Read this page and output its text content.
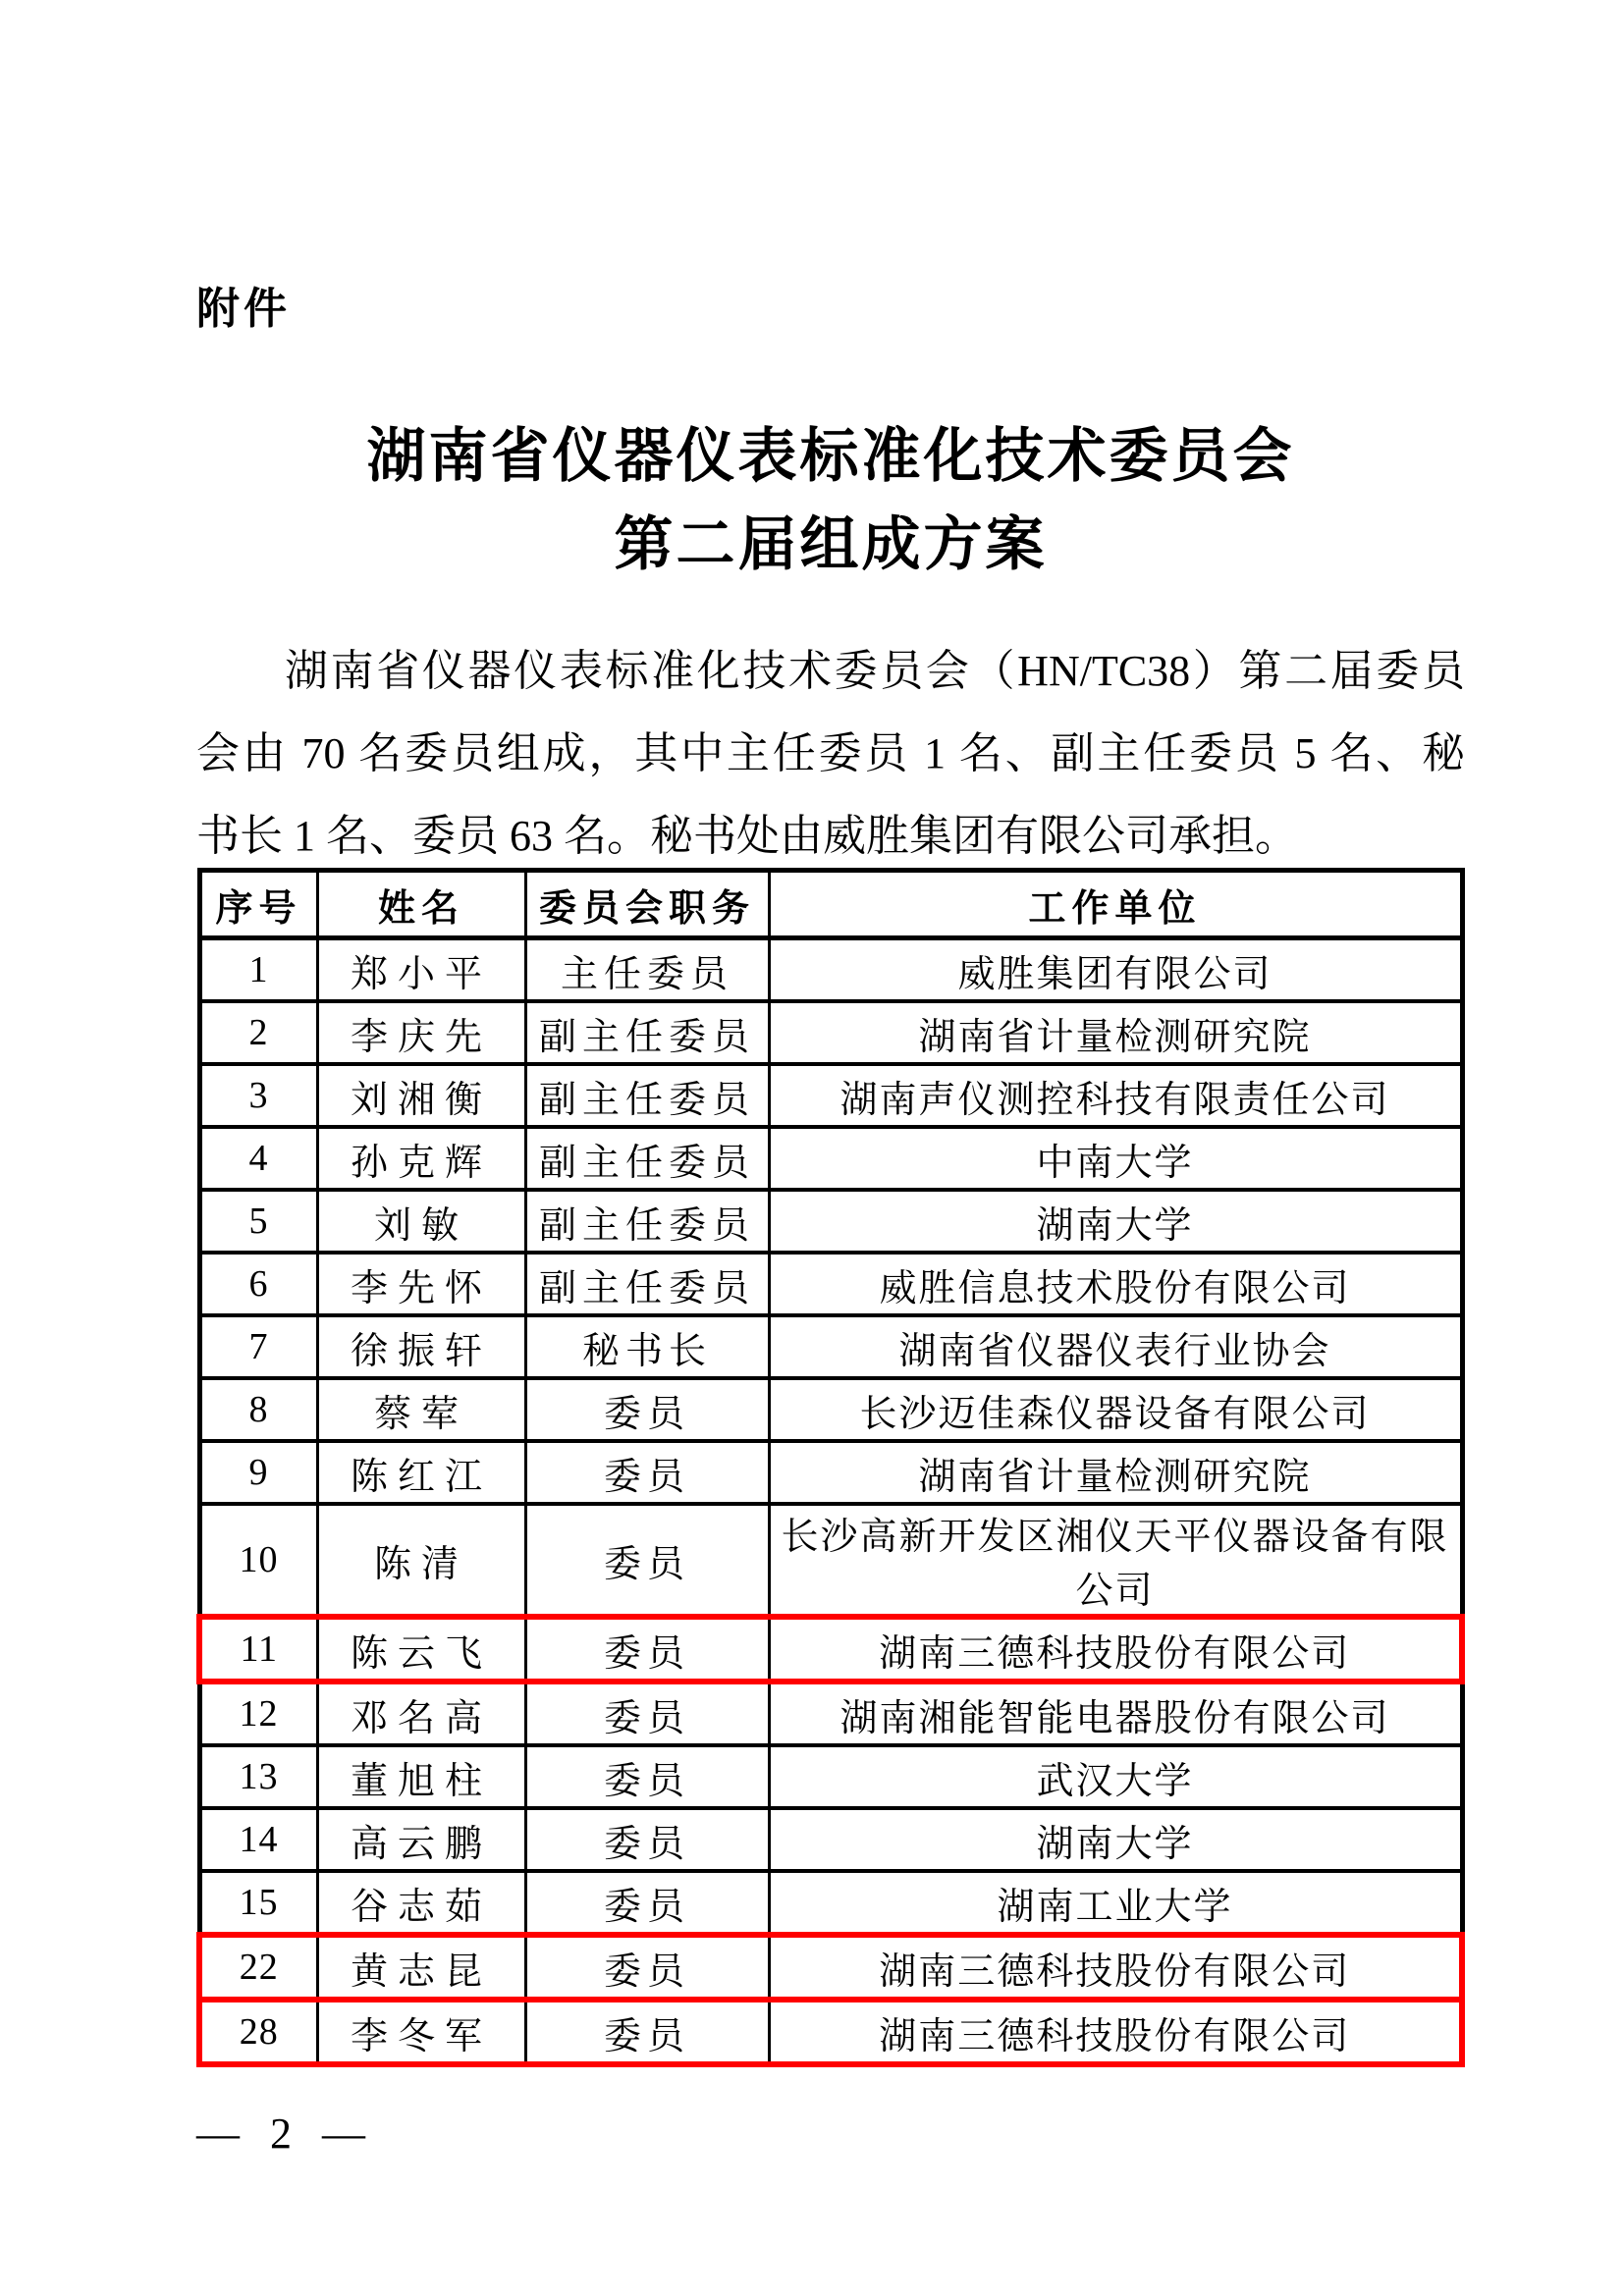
附件
湖南省仪器仪表标准化技术委员会
第二届组成方案
湖南省仪器仪表标准化技术委员会（HN/TC38）第二届委员
会由 70 名委员组成，其中主任委员 1 名、副主任委员 5 名、秘
书长 1 名、委员 63 名。秘书处由威胜集团有限公司承担。
序号	姓名	委员会职务	工作单位
1	郑小平	主任委员	威胜集团有限公司
2	李庆先	副主任委员	湖南省计量检测研究院
3	刘湘衡	副主任委员	湖南声仪测控科技有限责任公司
4	孙克辉	副主任委员	中南大学
5	刘敏	副主任委员	湖南大学
6	李先怀	副主任委员	威胜信息技术股份有限公司
7	徐振轩	秘书长	湖南省仪器仪表行业协会
8	蔡荤	委员	长沙迈佳森仪器设备有限公司
9	陈红江	委员	湖南省计量检测研究院
10	陈清	委员	长沙高新开发区湘仪天平仪器设备有限公司
11	陈云飞	委员	湖南三德科技股份有限公司
12	邓名高	委员	湖南湘能智能电器股份有限公司
13	董旭柱	委员	武汉大学
14	高云鹏	委员	湖南大学
15	谷志茹	委员	湖南工业大学
22	黄志昆	委员	湖南三德科技股份有限公司
28	李冬军	委员	湖南三德科技股份有限公司
— 2 —
